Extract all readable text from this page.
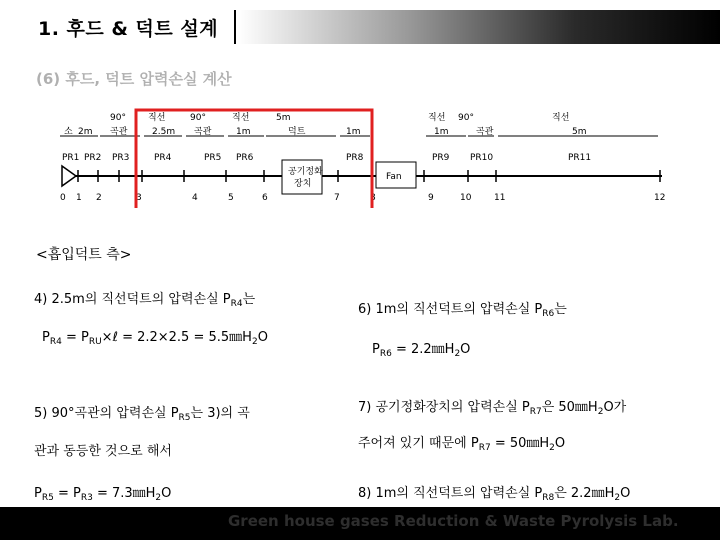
1. 후드 & 덕트 설계
(6) 후드, 덕트 압력손실 계산
90° 직선	90°	직선	5m	직선 90°	직선
소 2m 곡관	2.5m 곡관	1m	덕트	1m	1m	곡관	5m
PR1 PR2 PR3	PR4	PR5 PR6	PR8	PR9 PR10	PR11
공기정화
장치
Fan
0 1 2	3	4	5	6	7	8	9	10	11	12
<흡입덕트 측>
4) 2.5m의 직선덕트의 압력손실 $P_{R4}$는
$P_{R4}$ = $P_{RU}\times\ell = 2.2\times 2.5$ = $5.5㎜H_2O$
5) 90°곡관의 압력손실 $P_{R5}$는 3)의 곡
관과 동등한 것으로 해서
$P_{R5} = P_{R3}$ = $7.3㎜H_2O$
6) 1m의 직선덕트의 압력손실 $P_{R6}$는
$P_{R6}$ = $2.2㎜H_2O$
7) 공기정화장치의 압력손실 $P_{R7}$은 $50㎜H_2O$가
주어져 있기 때문에 $P_{R7}$ = $50㎜H_2O$
8) 1m의 직선덕트의 압력손실 $P_{R8}$은 $2.2㎜H_2O$
Green house gases Reduction & Waste Pyrolysis Lab.
